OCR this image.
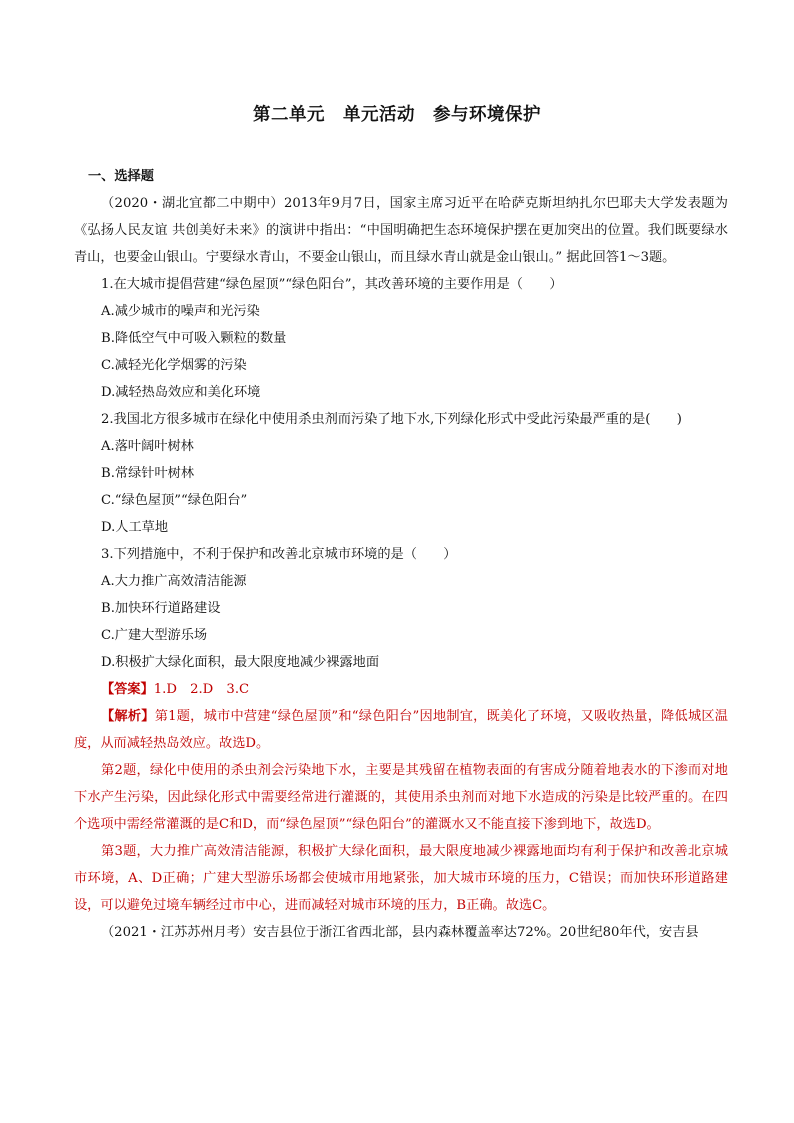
第二单元　单元活动　参与环境保护

一、选择题

（2020・湖北宜都二中期中）2013年9月7日，国家主席习近平在哈萨克斯坦纳扎尔巴耶夫大学发表题为《弘扬人民友谊 共创美好未来》的演讲中指出：“中国明确把生态环境保护摆在更加突出的位置。我们既要绿水青山，也要金山银山。宁要绿水青山，不要金山银山，而且绿水青山就是金山银山。” 据此回答1～3题。

1.在大城市提倡营建“绿色屋顶”“绿色阳台”，其改善环境的主要作用是（　　）

A.减少城市的噪声和光污染

B.降低空气中可吸入颗粒的数量

C.减轻光化学烟雾的污染

D.减轻热岛效应和美化环境

2.我国北方很多城市在绿化中使用杀虫剂而污染了地下水,下列绿化形式中受此污染最严重的是(　　)

A.落叶阔叶树林

B.常绿针叶树林

C.“绿色屋顶”“绿色阳台”

D.人工草地

3.下列措施中，不利于保护和改善北京城市环境的是（　　）

A.大力推广高效清洁能源

B.加快环行道路建设

C.广建大型游乐场

D.积极扩大绿化面积，最大限度地减少裸露地面

【答案】1.D　2.D　3.C

【解析】第1题，城市中营建“绿色屋顶”和“绿色阳台”因地制宜，既美化了环境，又吸收热量，降低城区温度，从而减轻热岛效应。故选D。

第2题，绿化中使用的杀虫剂会污染地下水，主要是其残留在植物表面的有害成分随着地表水的下渗而对地下水产生污染，因此绿化形式中需要经常进行灌溉的，其使用杀虫剂而对地下水造成的污染是比较严重的。在四个选项中需经常灌溉的是C和D，而“绿色屋顶”“绿色阳台”的灌溉水又不能直接下渗到地下，故选D。

第3题，大力推广高效清洁能源，积极扩大绿化面积，最大限度地减少裸露地面均有利于保护和改善北京城市环境，A、D正确；广建大型游乐场都会使城市用地紧张，加大城市环境的压力，C错误；而加快环形道路建设，可以避免过境车辆经过市中心，进而减轻对城市环境的压力，B正确。故选C。

（2021・江苏苏州月考）安吉县位于浙江省西北部，县内森林覆盖率达72%。20世纪80年代，安吉县
